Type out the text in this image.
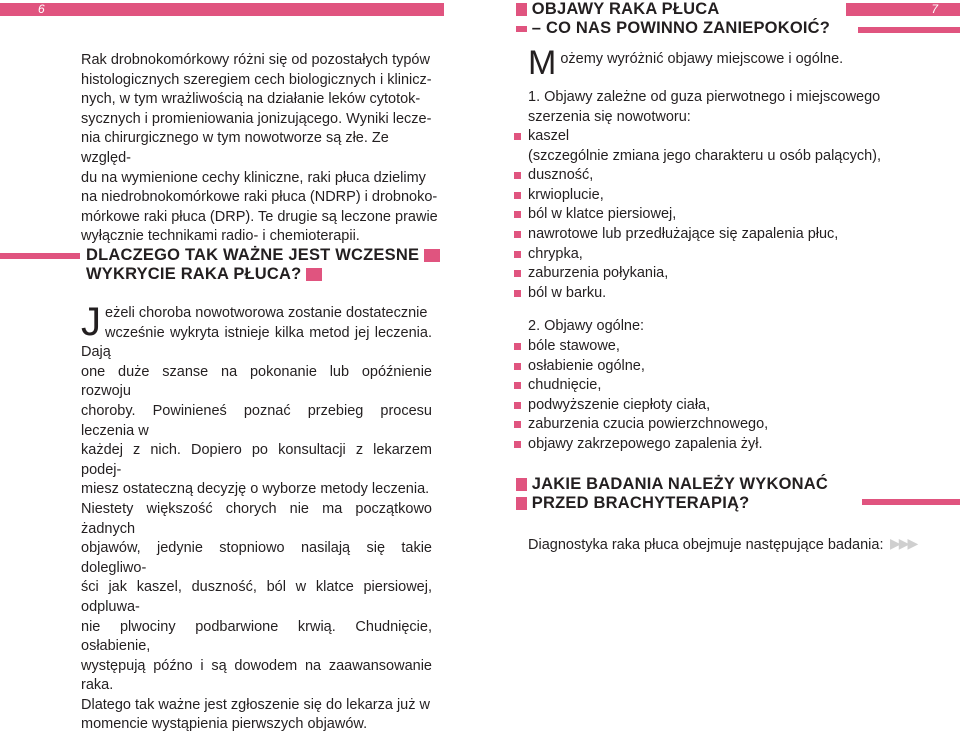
6	7
Rak drobnokomórkowy różni się od pozostałych typów
histologicznych szeregiem cech biologicznych i klinicz-
nych, w tym wrażliwością na działanie leków cytotok-
sycznych i promieniowania jonizującego. Wyniki lecze-
nia chirurgicznego w tym nowotworze są złe. Ze względ-
du na wymienione cechy kliniczne, raki płuca dzielimy
na niedrobnokomórkowe raki płuca (NDRP) i drobnoko-
mórkowe raki płuca (DRP). Te drugie są leczone prawie
wyłącznie technikami radio- i chemioterapii.
DLACZEGO TAK WAŻNE JEST WCZESNE
WYKRYCIE RAKA PŁUCA?
J eżeli choroba nowotworowa zostanie dostatecznie
wcześnie wykryta istnieje kilka metod jej leczenia. Dają
one duże szanse na pokonanie lub opóźnienie rozwoju
choroby. Powinieneś poznać przebieg procesu leczenia w
każdej z nich. Dopiero po konsultacji z lekarzem podej-
miesz ostateczną decyzję o wyborze metody leczenia.
Niestety większość chorych nie ma początkowo żadnych
objawów, jedynie stopniowo nasilają się takie dolegliwo-
ści jak kaszel, duszność, ból w klatce piersiowej, odpluwa-
nie plwociny podbarwione krwią. Chudnięcie, osłabienie,
występują późno i są dowodem na zaawansowanie raka.
Dlatego tak ważne jest zgłoszenie się do lekarza już w
momencie wystąpienia pierwszych objawów.
OBJAWY RAKA PŁUCA
– CO NAS POWINNO ZANIEPOKOIĆ?
M ożemy wyróżnić objawy miejscowe i ogólne.
1. Objawy zależne od guza pierwotnego i miejscowego
szerzenia się nowotworu:
kaszel
(szczególnie zmiana jego charakteru u osób palących),
duszność,
krwioplucie,
ból w klatce piersiowej,
nawrotowe lub przedłużające się zapalenia płuc,
chrypka,
zaburzenia połykania,
ból w barku.
2. Objawy ogólne:
bóle stawowe,
osłabienie ogólne,
chudnięcie,
podwyższenie ciepłoty ciała,
zaburzenia czucia powierzchnowego,
objawy zakrzepowego zapalenia żył.
JAKIE BADANIA NALEŻY WYKONAĆ
PRZED BRACHYTERAPIĄ?
Diagnostyka raka płuca obejmuje następujące badania: ▶▶▶
